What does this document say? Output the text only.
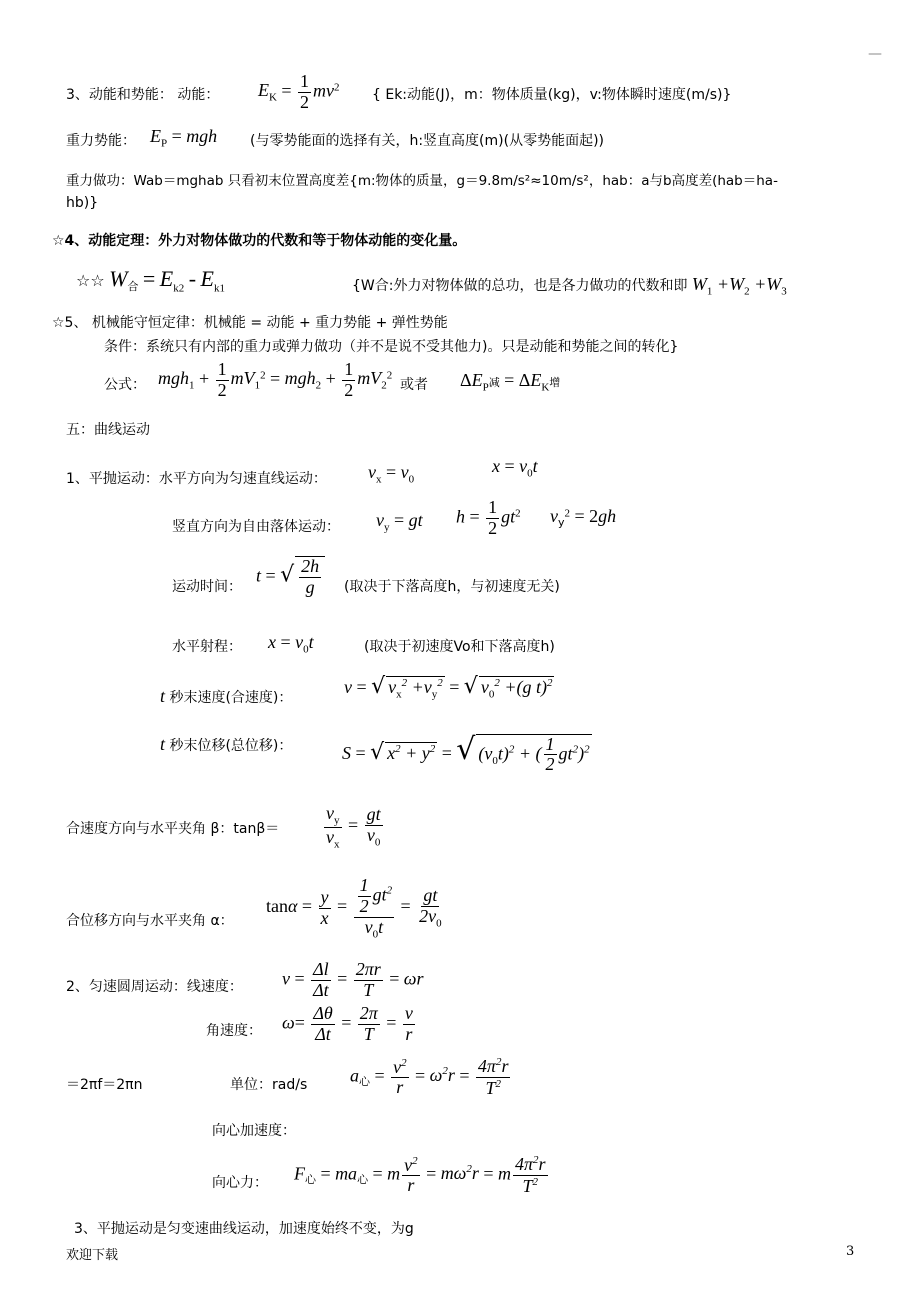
—
3、动能和势能： 动能： $E_K = \frac{1}{2} mv^2$ { Ek:动能(J)，m：物体质量(kg)，v:物体瞬时速度(m/s)}
重力势能： $E_P$ = mgh (与零势能面的选择有关，h:竖直高度(m)(从零势能面起))
重力做功：Wab＝mghab 只看初末位置高度差{m:物体的质量，g＝9.8m/s²≈10m/s²，hab：a与b高度差(hab＝ha-
hb)}
☆4、动能定理：外力对物体做功的代数和等于物体动能的变化量。
☆☆ $W_合 = E_{k2} - E_{k1}$	{W合:外力对物体做的总功，也是各力做功的代数和即 $W_1 +W_2 +W_3$
☆5、 机械能守恒定律：机械能 = 动能 + 重力势能 + 弹性势能
条件：系统只有内部的重力或弹力做功（并不是说不受其他力)。只是动能和势能之间的转化}
公式： $mgh_1 + \frac{1}{2} mV_1^2 = mgh_2 + \frac{1}{2} mV_2^2$
或者 $\Delta E_P$减 = $\Delta E_K$增
五：曲线运动
1、平抛运动：水平方向为匀速直线运动： $v_x = v_0$
$x = v_0t$
竖直方向为自由落体运动： $v_y$ = gt $h = \frac{1}{2} gt^2$ $v_y^2 = 2gh$
运动时间：
t = √ $\frac{2h}{g}$ (取决于下落高度h，与初速度无关)
水平射程： $x = v_0t$	(取决于初速度Vo和下落高度h)
t 秒末速度(合速度)：
v = √ $v_x^2 +v_y^2$ = √ $v_0^2 +(g$ t)$^2$
t 秒末位移(总位移)：	S = √ $x^2 + y^2$ = √ $(v_0t)^2$ + ( $\frac{1}{2} gt^2)^2$
合速度方向与水平夹角 β：$\tan\beta= \frac{v_y}{v_x} = \frac{gt}{v_0}$
合位移方向与水平夹角 α：
$\tan\alpha = \frac{y}{x} = \frac{\frac{1}{2} gt^2}{v_0t} = \frac{gt}{2v_0}$
2、匀速圆周运动：线速度： $v = \frac{\Delta l}{\Delta t} = \frac{2\pi r}{T} = \omega r$
角速度： $\omega= \frac{\Delta\theta}{\Delta t} = \frac{2\pi}{T} = \frac{v}{r}$
＝2πf＝2πn	单位：rad/s $a_心 = \frac{v^2}{r} = \omega^2r = \frac{4\pi^2r}{T^2}$
向心加速度：
向心力： $F_心 = ma_心 = m \frac{v^2}{r} = m\omega^2r = m \frac{4\pi^2r}{T^2}$
3、平抛运动是匀变速曲线运动，加速度始终不变，为g
欢迎下载	3
